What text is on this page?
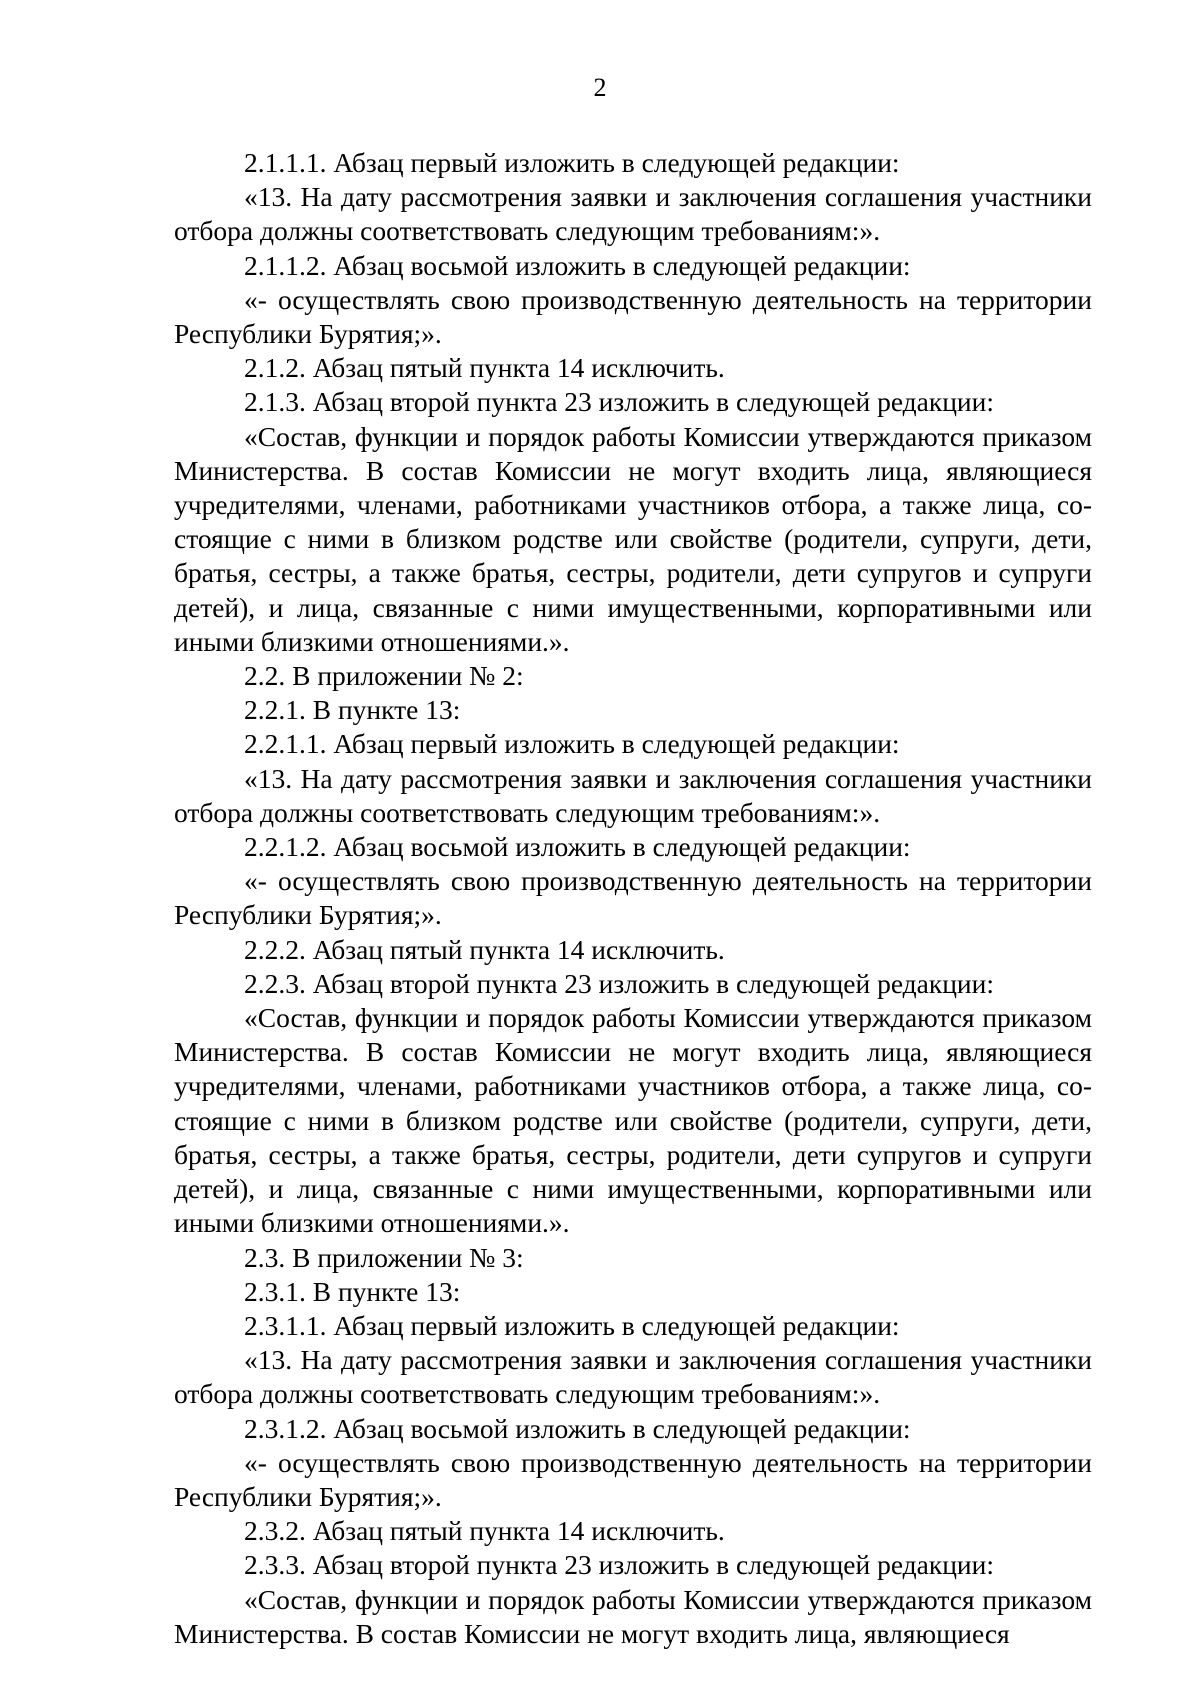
2

2.1.1.1. Абзац первый изложить в следующей редакции:

«13. На дату рассмотрения заявки и заключения соглашения участники отбора должны соответствовать следующим требованиям:».

2.1.1.2. Абзац восьмой изложить в следующей редакции:

«- осуществлять свою производственную деятельность на территории Республики Бурятия;».

2.1.2. Абзац пятый пункта 14 исключить.

2.1.3. Абзац второй пункта 23 изложить в следующей редакции:

«Состав, функции и порядок работы Комиссии утверждаются приказом Министерства. В состав Комиссии не могут входить лица, являющиеся учредителями, членами, работниками участников отбора, а также лица, состоящие с ними в близком родстве или свойстве (родители, супруги, дети, братья, сестры, а также братья, сестры, родители, дети супругов и супруги детей), и лица, связанные с ними имущественными, корпоративными или иными близкими отношениями.».

2.2. В приложении № 2:

2.2.1. В пункте 13:

2.2.1.1. Абзац первый изложить в следующей редакции:

«13. На дату рассмотрения заявки и заключения соглашения участники отбора должны соответствовать следующим требованиям:».

2.2.1.2. Абзац восьмой изложить в следующей редакции:

«- осуществлять свою производственную деятельность на территории Республики Бурятия;».

2.2.2. Абзац пятый пункта 14 исключить.

2.2.3. Абзац второй пункта 23 изложить в следующей редакции:

«Состав, функции и порядок работы Комиссии утверждаются приказом Министерства. В состав Комиссии не могут входить лица, являющиеся учредителями, членами, работниками участников отбора, а также лица, состоящие с ними в близком родстве или свойстве (родители, супруги, дети, братья, сестры, а также братья, сестры, родители, дети супругов и супруги детей), и лица, связанные с ними имущественными, корпоративными или иными близкими отношениями.».

2.3. В приложении № 3:

2.3.1. В пункте 13:

2.3.1.1. Абзац первый изложить в следующей редакции:

«13. На дату рассмотрения заявки и заключения соглашения участники отбора должны соответствовать следующим требованиям:».

2.3.1.2. Абзац восьмой изложить в следующей редакции:

«- осуществлять свою производственную деятельность на территории Республики Бурятия;».

2.3.2. Абзац пятый пункта 14 исключить.

2.3.3. Абзац второй пункта 23 изложить в следующей редакции:

«Состав, функции и порядок работы Комиссии утверждаются приказом Министерства. В состав Комиссии не могут входить лица, являющиеся
